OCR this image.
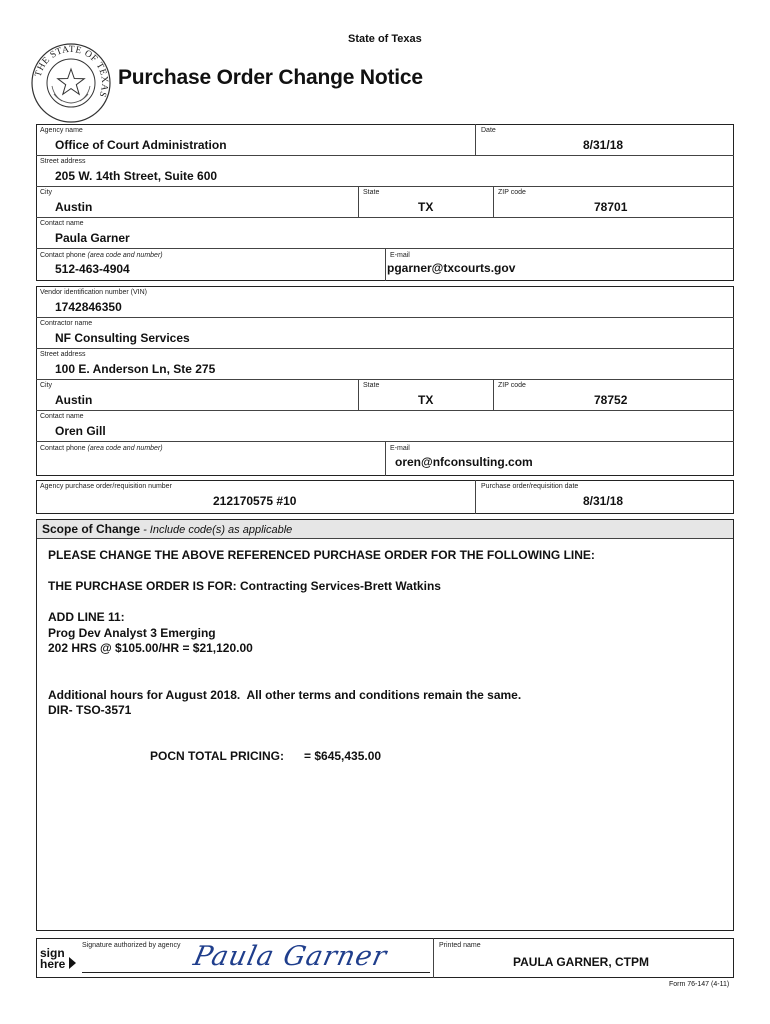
State of Texas
THE STATE OF TEXAS
Purchase Order Change Notice
Agency name
Office of Court Administration
Date
8/31/18
Street address
205 W. 14th Street, Suite 600
City
Austin
State
TX
ZIP code
78701
Contact name
Paula Garner
Contact phone (area code and number)
512-463-4904
E-mail
pgarner@txcourts.gov
Vendor identification number (VIN)
1742846350
Contractor name
NF Consulting Services
Street address
100 E. Anderson Ln, Ste 275
City
Austin
State
TX
ZIP code
78752
Contact name
Oren Gill
Contact phone (area code and number)	E-mail
oren@nfconsulting.com
Agency purchase order/requisition number
212170575 #10
Purchase order/requisition date
8/31/18
Scope of Change - Include code(s) as applicable
PLEASE CHANGE THE ABOVE REFERENCED PURCHASE ORDER FOR THE FOLLOWING LINE:
THE PURCHASE ORDER IS FOR: Contracting Services-Brett Watkins
ADD LINE 11:
Prog Dev Analyst 3 Emerging
202 HRS @ $105.00/HR = $21,120.00
Additional hours for August 2018.  All other terms and conditions remain the same.
DIR- TSO-3571
POCN TOTAL PRICING: = $645,435.00
sign
here
Signature authorized by agency Paula Garner	Printed name
PAULA GARNER, CTPM
Form 76-147 (4-11)
